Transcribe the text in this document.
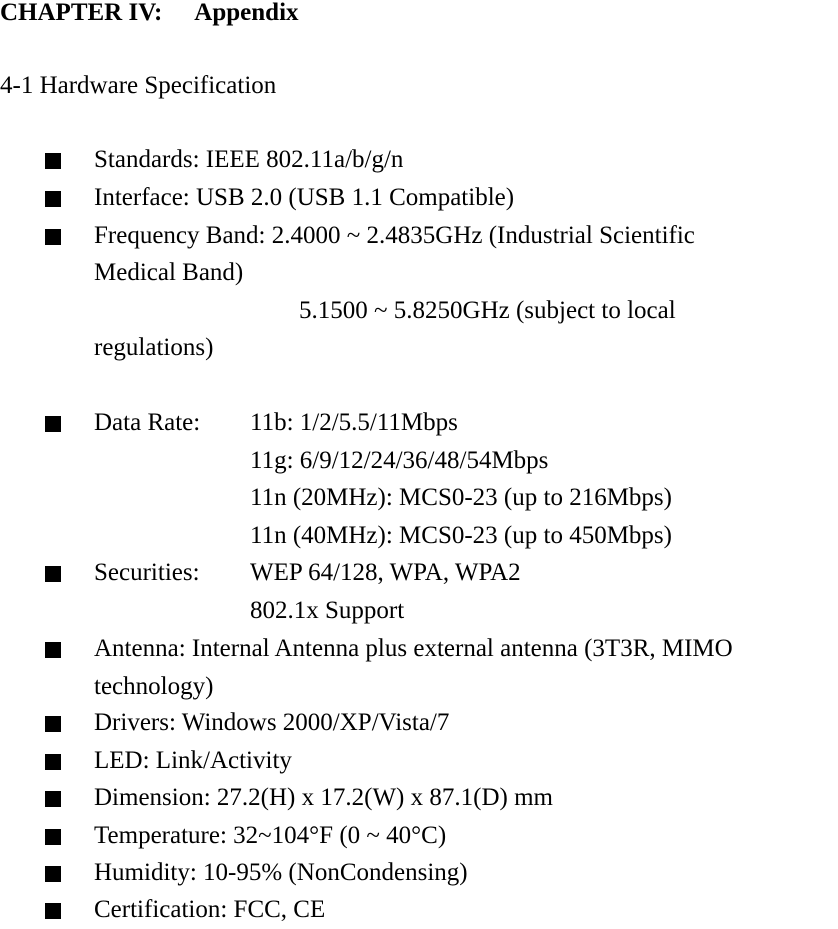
CHAPTER IV: Appendix
4-1 Hardware Specification
Standards: IEEE 802.11a/b/g/n
Interface: USB 2.0 (USB 1.1 Compatible)
Frequency Band: 2.4000 ~ 2.4835GHz (Industrial Scientific
Medical Band)
5.1500 ~ 5.8250GHz (subject to local
regulations)
Data Rate: 11b: 1/2/5.5/11Mbps
11g: 6/9/12/24/36/48/54Mbps
11n (20MHz): MCS0-23 (up to 216Mbps)
11n (40MHz): MCS0-23 (up to 450Mbps)
Securities: WEP 64/128, WPA, WPA2
802.1x Support
Antenna: Internal Antenna plus external antenna (3T3R, MIMO
technology)
Drivers: Windows 2000/XP/Vista/7
LED: Link/Activity
Dimension: 27.2(H) x 17.2(W) x 87.1(D) mm
Temperature: 32~104°F (0 ~ 40°C)
Humidity: 10-95% (NonCondensing)
Certification: FCC, CE
